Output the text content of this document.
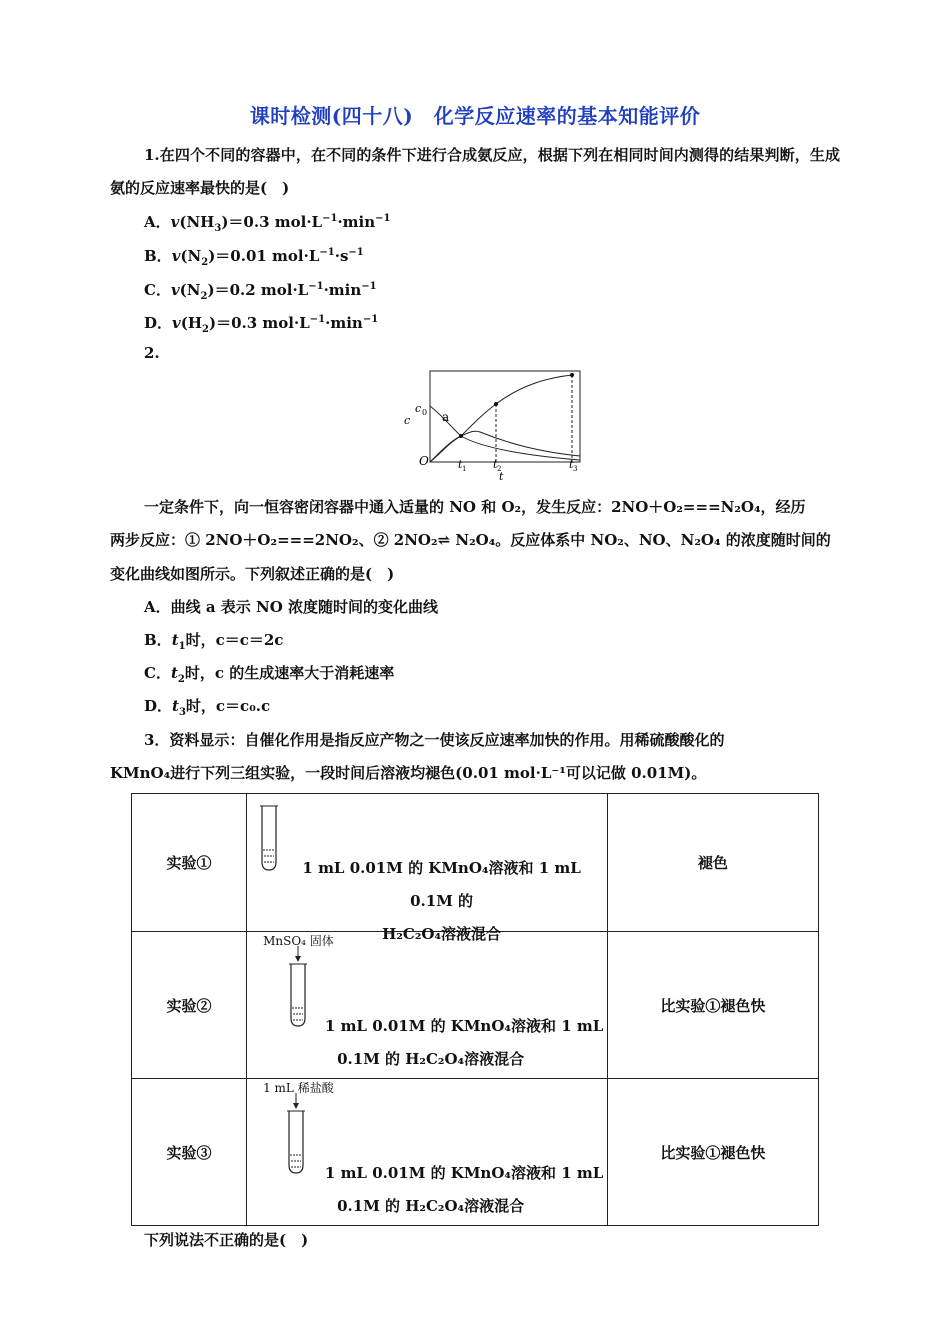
课时检测(四十八)　化学反应速率的基本知能评价
1.在四个不同的容器中，在不同的条件下进行合成氨反应，根据下列在相同时间内测得的结果判断，生成氨的反应速率最快的是(　)
A．$v(NH_3)=0.3$ $mol\cdot L^{-1}\cdot\min^{-1}$
B．$v(N_2)=0.01$ $mol\cdot L^{-1}\cdot s^{-1}$
C．$v(N_2)=0.2$ $mol\cdot L^{-1}\cdot\min^{-1}$
D．$v(H_2)=0.3$ $mol\cdot L^{-1}\cdot\min^{-1}$
2.
c
c 0 a
O	t 1 t 2	t 3
t
一定条件下，向一恒容密闭容器中通入适量的 NO 和 O₂，发生反应：2NO＋O₂===N₂O₄，经历
两步反应：① 2NO＋O₂===2NO₂、② 2NO₂⇌ N₂O₄。反应体系中 NO₂、NO、N₂O₄ 的浓度随时间的
变化曲线如图所示。下列叙述正确的是(　)
A．曲线 a 表示 NO 浓度随时间的变化曲线
B．$t_1$时，c＝c＝2c
C．$t_2$时，c 的生成速率大于消耗速率
D．$t_3$时，c＝c₀.c
3．资料显示：自催化作用是指反应产物之一使该反应速率加快的作用。用稀硫酸酸化的
KMnO₄进行下列三组实验，一段时间后溶液均褪色(0.01 mol·L⁻¹可以记做 0.01M)。
实验①	1 mL 0.01M 的 KMnO₄溶液和 1 mL 0.1M 的
H₂C₂O₄溶液混合	褪色
实验②	MnSO₄ 固体
1 mL 0.01M 的 KMnO₄溶液和 1 mL
0.1M 的 H₂C₂O₄溶液混合	比实验①褪色快
实验③	1 mL 稀盐酸
1 mL 0.01M 的 KMnO₄溶液和 1 mL
0.1M 的 H₂C₂O₄溶液混合	比实验①褪色快
下列说法不正确的是(　)
